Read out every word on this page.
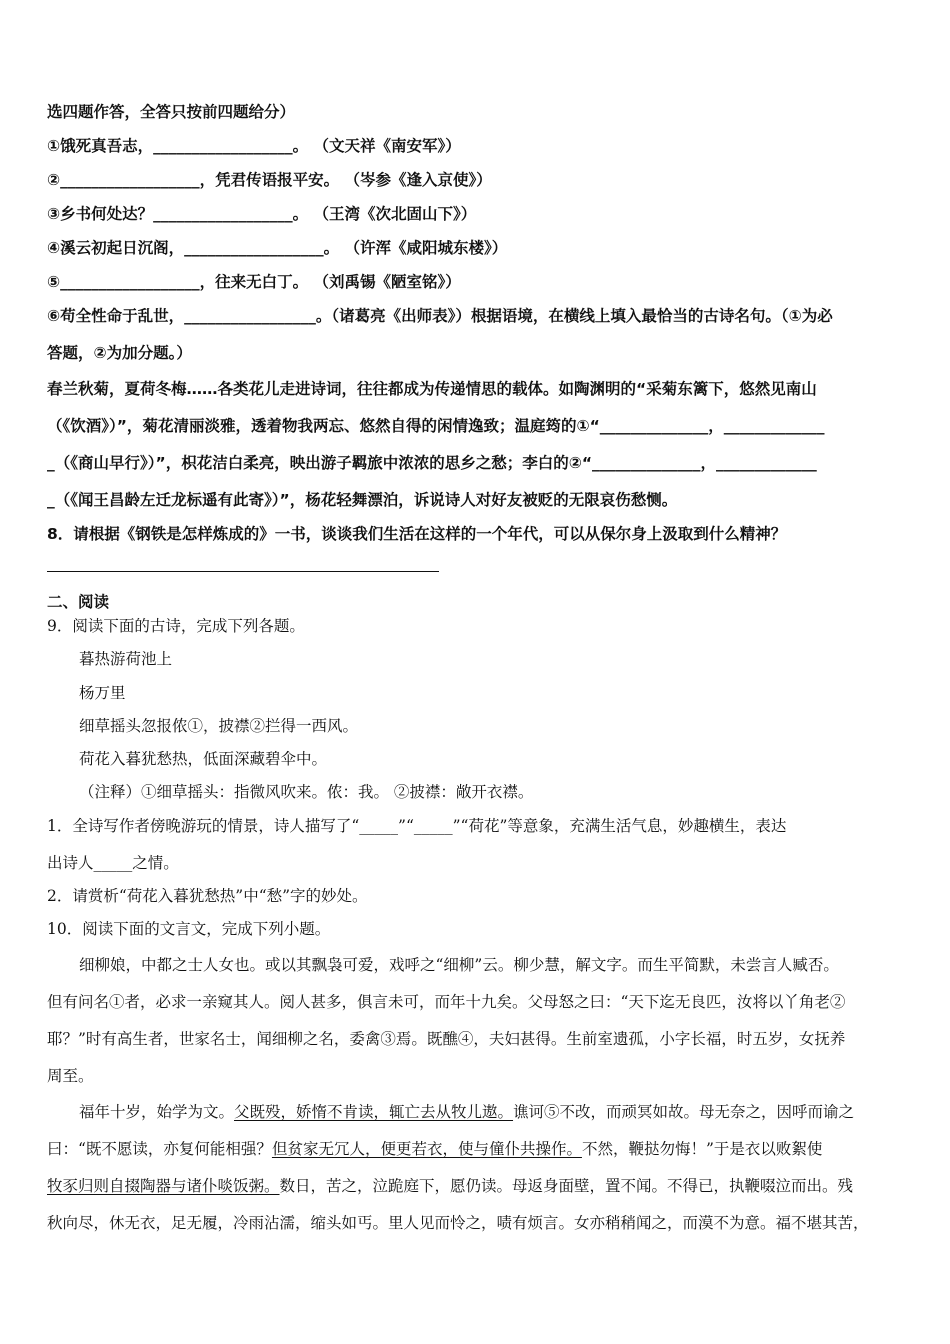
选四题作答，全答只按前四题给分）
①饿死真吾志，__________________。 （文天祥《南安军》）
②__________________，凭君传语报平安。 （岑参《逢入京使》）
③乡书何处达？__________________。 （王湾《次北固山下》）
④溪云初起日沉阁，__________________。 （许浑《咸阳城东楼》）
⑤__________________，往来无白丁。 （刘禹锡《陋室铭》）
⑥苟全性命于乱世，_________________。（诸葛亮《出师表》）根据语境，在横线上填入最恰当的古诗名句。（①为必
答题，②为加分题。）
春兰秋菊，夏荷冬梅……各类花儿走进诗词，往往都成为传递情思的载体。如陶渊明的“采菊东篱下，悠然见南山
（《饮酒》）”，菊花清丽淡雅，透着物我两忘、悠然自得的闲情逸致；温庭筠的①“______________，_____________
_（《商山早行》）”，枳花洁白柔亮，映出游子羁旅中浓浓的思乡之愁；李白的②“______________，_____________
_（《闻王昌龄左迁龙标遥有此寄》）”，杨花轻舞漂泊，诉说诗人对好友被贬的无限哀伤愁恻。
8．请根据《钢铁是怎样炼成的》一书，谈谈我们生活在这样的一个年代，可以从保尔身上汲取到什么精神？
二、阅读
9．阅读下面的古诗，完成下列各题。
暮热游荷池上
杨万里
细草摇头忽报侬①，披襟②拦得一西风。
荷花入暮犹愁热，低面深藏碧伞中。
（注释）①细草摇头：指微风吹来。侬：我。 ②披襟：敞开衣襟。
1．全诗写作者傍晚游玩的情景，诗人描写了“_____”“_____”“荷花”等意象，充满生活气息，妙趣横生，表达
出诗人_____之情。
2．请赏析“荷花入暮犹愁热”中“愁”字的妙处。
10．阅读下面的文言文，完成下列小题。
细柳娘，中都之士人女也。或以其飘袅可爱，戏呼之“细柳”云。柳少慧，解文字。而生平简默，未尝言人臧否。
但有问名①者，必求一亲窥其人。阅人甚多，俱言未可，而年十九矣。父母怒之曰：“天下迄无良匹，汝将以丫角老②
耶？”时有高生者，世家名士，闻细柳之名，委禽③焉。既醮④，夫妇甚得。生前室遗孤，小字长福，时五岁，女抚养
周至。
福年十岁，始学为文。父既殁，娇惰不肯读，辄亡去从牧儿遨。谯诃⑤不改，而顽冥如故。母无奈之，因呼而谕之
曰：“既不愿读，亦复何能相强？但贫家无冗人，便更若衣，使与僮仆共操作。不然，鞭挞勿悔！”于是衣以败絮使
牧豕归则自掇陶器与诸仆啖饭粥。数日，苦之，泣跪庭下，愿仍读。母返身面壁，置不闻。不得已，执鞭啜泣而出。残
秋向尽，休无衣，足无履，冷雨沾濡，缩头如丐。里人见而怜之，啧有烦言。女亦稍稍闻之，而漠不为意。福不堪其苦，
